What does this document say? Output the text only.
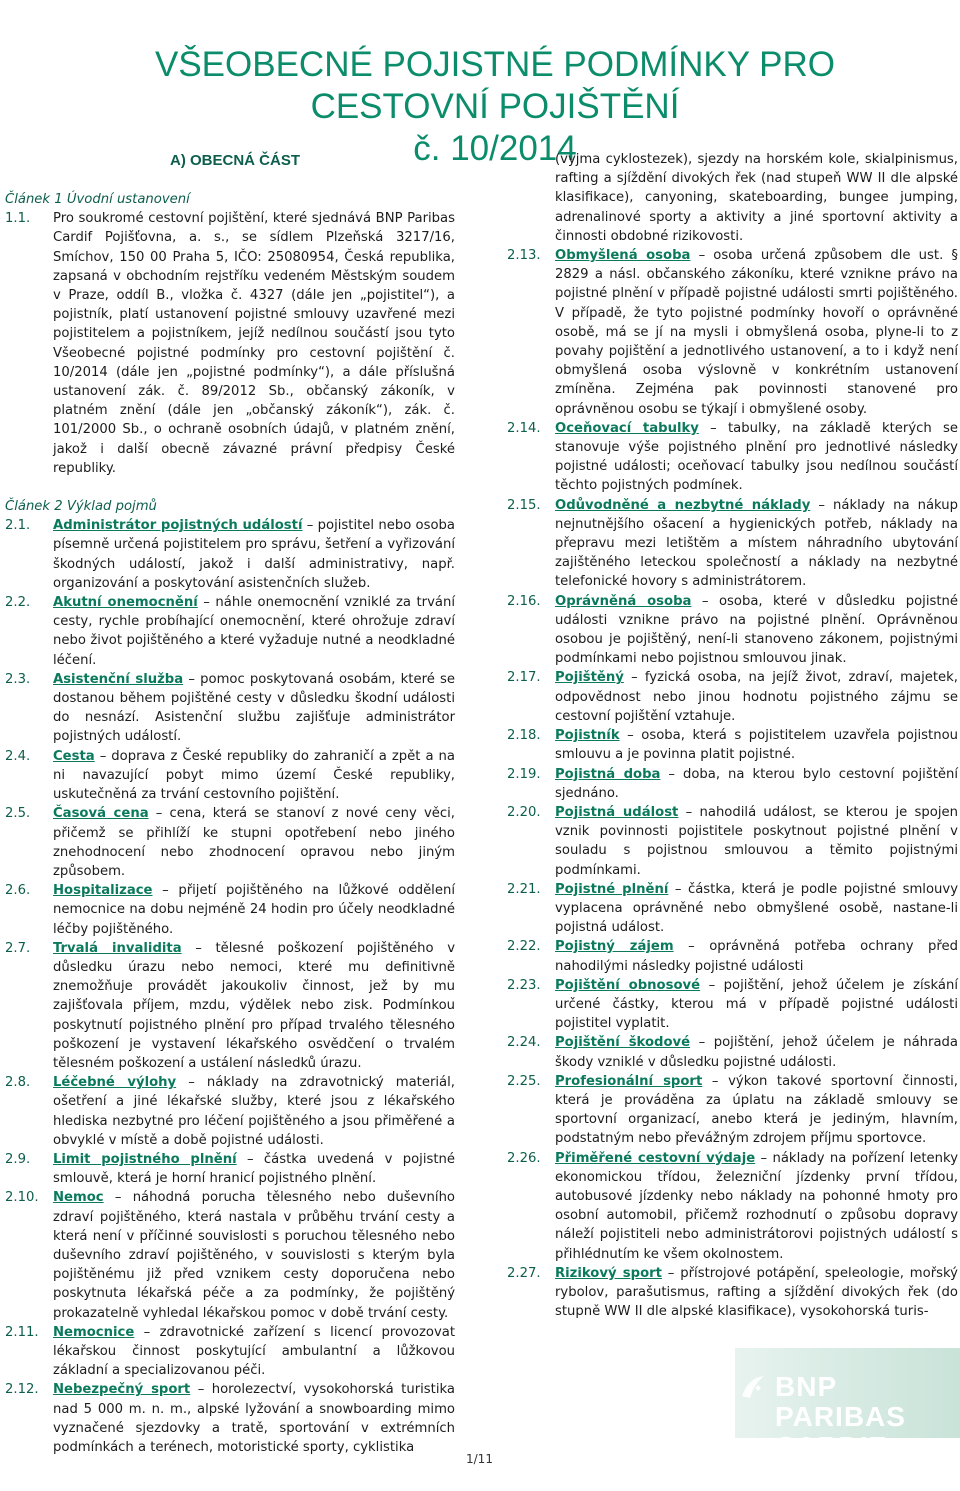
VŠEOBECNÉ POJISTNÉ PODMÍNKY PRO CESTOVNÍ POJIŠTĚNÍ
č. 10/2014
A) OBECNÁ ČÁST

Článek 1 Úvodní ustanovení

1.1.	Pro soukromé cestovní pojištění, které sjednává BNP Paribas Cardif Pojišťovna, a. s., se sídlem Plzeňská 3217/16, Smíchov, 150 00 Praha 5, IČO: 25080954, Česká republika, zapsaná v obchodním rejstříku vedeném Městským soudem v Praze, oddíl B., vložka č. 4327 (dále jen „pojistitel“), a pojistník, platí ustanovení pojistné smlouvy uzavřené mezi pojistitelem a pojistníkem, jejíž nedílnou součástí jsou tyto Všeobecné pojistné podmínky pro cestovní pojištění č. 10/2014 (dále jen „pojistné podmínky“), a dále příslušná ustanovení zák. č. 89/2012 Sb., občanský zákoník, v platném znění (dále jen „občanský zákoník“), zák. č. 101/2000 Sb., o ochraně osobních údajů, v platném znění, jakož i další obecně závazné právní předpisy České republiky.

Článek 2 Výklad pojmů

2.1.	Administrátor pojistných událostí – pojistitel nebo osoba písemně určená pojistitelem pro správu, šetření a vyřizování škodných událostí, jakož i další administrativy, např. organizování a poskytování asistenčních služeb.
2.2.	Akutní onemocnění – náhle onemocnění vzniklé za trvání cesty, rychle probíhající onemocnění, které ohrožuje zdraví nebo život pojištěného a které vyžaduje nutné a neodkladné léčení.
2.3.	Asistenční služba – pomoc poskytovaná osobám, které se dostanou během pojištěné cesty v důsledku škodní události do nesnází. Asistenční službu zajišťuje administrátor pojistných událostí.
2.4.	Cesta – doprava z České republiky do zahraničí a zpět a na ni navazující pobyt mimo území České republiky, uskutečněná za trvání cestovního pojištění.
2.5.	Časová cena – cena, která se stanoví z nové ceny věci, přičemž se přihlíží ke stupni opotřebení nebo jiného znehodnocení nebo zhodnocení opravou nebo jiným způsobem.
2.6.	Hospitalizace – přijetí pojištěného na lůžkové oddělení nemocnice na dobu nejméně 24 hodin pro účely neodkladné léčby pojištěného.
2.7.	Trvalá invalidita – tělesné poškození pojištěného v důsledku úrazu nebo nemoci, které mu definitivně znemožňuje provádět jakoukoliv činnost, jež by mu zajišťovala příjem, mzdu, výdělek nebo zisk. Podmínkou poskytnutí pojistného plnění pro případ trvalého tělesného poškození je vystavení lékařského osvědčení o trvalém tělesném poškození a ustálení následků úrazu.
2.8.	Léčebné výlohy – náklady na zdravotnický materiál, ošetření a jiné lékařské služby, které jsou z lékařského hlediska nezbytné pro léčení pojištěného a jsou přiměřené a obvyklé v místě a době pojistné události.
2.9.	Limit pojistného plnění – částka uvedená v pojistné smlouvě, která je horní hranicí pojistného plnění.
2.10.	Nemoc – náhodná porucha tělesného nebo duševního zdraví pojištěného, která nastala v průběhu trvání cesty a která není v příčinné souvislosti s poruchou tělesného nebo duševního zdraví pojištěného, v souvislosti s kterým byla pojištěnému již před vznikem cesty doporučena nebo poskytnuta lékařská péče a za podmínky, že pojištěný prokazatelně vyhledal lékařskou pomoc v době trvání cesty.
2.11.	Nemocnice – zdravotnické zařízení s licencí provozovat lékařskou činnost poskytující ambulantní a lůžkovou základní a specializovanou péči.
2.12.	Nebezpečný sport – horolezectví, vysokohorská turistika nad 5 000 m. n. m., alpské lyžování a snowboarding mimo vyznačené sjezdovky a tratě, sportování v extrémních podmínkách a terénech, motoristické sporty, cyklistika
(vyjma cyklostezek), sjezdy na horském kole, skialpinismus, rafting a sjíždění divokých řek (nad stupeň WW II dle alpské klasifikace), canyoning, skateboarding, bungee jumping, adrenalinové sporty a aktivity a jiné sportovní aktivity a činnosti obdobné rizikovosti.
2.13.	Obmyšlená osoba – osoba určená způsobem dle ust. § 2829 a násl. občanského zákoníku, které vznikne právo na pojistné plnění v případě pojistné události smrti pojištěného. V případě, že tyto pojistné podmínky hovoří o oprávněné osobě, má se jí na mysli i obmyšlená osoba, plyne-li to z povahy pojištění a jednotlivého ustanovení, a to i když není obmyšlená osoba výslovně v konkrétním ustanovení zmíněna. Zejména pak povinnosti stanovené pro oprávněnou osobu se týkají i obmyšlené osoby.
2.14.	Oceňovací tabulky – tabulky, na základě kterých se stanovuje výše pojistného plnění pro jednotlivé následky pojistné události; oceňovací tabulky jsou nedílnou součástí těchto pojistných podmínek.
2.15.	Odůvodněné a nezbytné náklady – náklady na nákup nejnutnějšího ošacení a hygienických potřeb, náklady na přepravu mezi letištěm a místem náhradního ubytování zajištěného leteckou společností a náklady na nezbytné telefonické hovory s administrátorem.
2.16.	Oprávněná osoba – osoba, které v důsledku pojistné události vznikne právo na pojistné plnění. Oprávněnou osobou je pojištěný, není-li stanoveno zákonem, pojistnými podmínkami nebo pojistnou smlouvou jinak.
2.17.	Pojištěný – fyzická osoba, na jejíž život, zdraví, majetek, odpovědnost nebo jinou hodnotu pojistného zájmu se cestovní pojištění vztahuje.
2.18.	Pojistník – osoba, která s pojistitelem uzavřela pojistnou smlouvu a je povinna platit pojistné.
2.19.	Pojistná doba – doba, na kterou bylo cestovní pojištění sjednáno.
2.20.	Pojistná událost – nahodilá událost, se kterou je spojen vznik povinnosti pojistitele poskytnout pojistné plnění v souladu s pojistnou smlouvou a těmito pojistnými podmínkami.
2.21.	Pojistné plnění – částka, která je podle pojistné smlouvy vyplacena oprávněné nebo obmyšlené osobě, nastane-li pojistná událost.
2.22.	Pojistný zájem – oprávněná potřeba ochrany před nahodilými následky pojistné události
2.23.	Pojištění obnosové – pojištění, jehož účelem je získání určené částky, kterou má v případě pojistné události pojistitel vyplatit.
2.24.	Pojištění škodové – pojištění, jehož účelem je náhrada škody vzniklé v důsledku pojistné události.
2.25.	Profesionální sport – výkon takové sportovní činnosti, která je prováděna za úplatu na základě smlouvy se sportovní organizací, anebo která je jediným, hlavním, podstatným nebo převážným zdrojem příjmu sportovce.
2.26.	Přiměřené cestovní výdaje – náklady na pořízení letenky ekonomickou třídou, železniční jízdenky první třídou, autobusové jízdenky nebo náklady na pohonné hmoty pro osobní automobil, přičemž rozhodnutí o způsobu dopravy náleží pojistiteli nebo administrátorovi pojistných událostí s přihlédnutím ke všem okolnostem.
2.27.	Rizikový sport – přístrojové potápění, speleologie, mořský rybolov, parašutismus, rafting a sjíždění divokých řek (do stupně WW II dle alpské klasifikace), vysokohorská turis-
BNP PARIBAS
CARDIF
1/11
